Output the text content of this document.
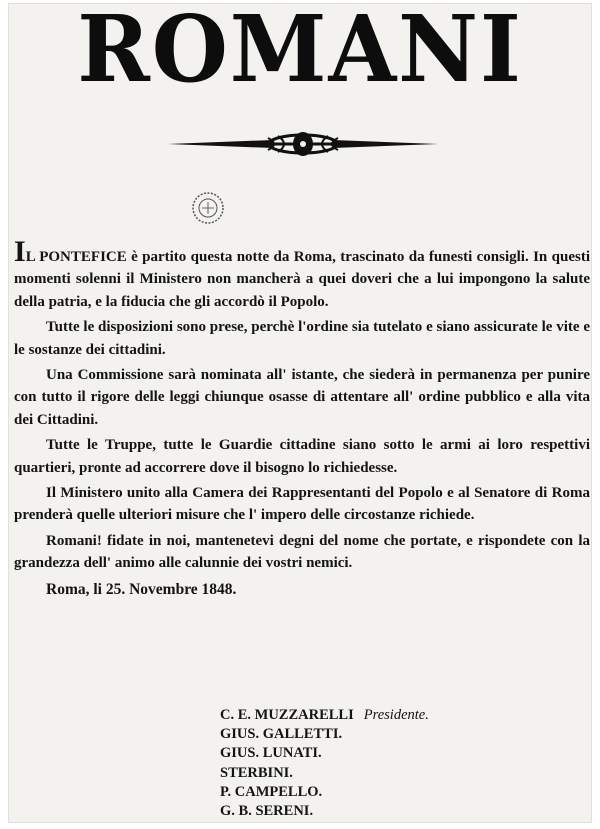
ROMANI

IL PONTEFICE è partito questa notte da Roma, trascinato da funesti consigli. In questi momenti solenni il Ministero non mancherà a quei doveri che a lui impongono la salute della patria, e la fiducia che gli accordò il Popolo.

Tutte le disposizioni sono prese, perchè l'ordine sia tutelato e siano assicurate le vite e le sostanze dei cittadini.

Una Commissione sarà nominata all' istante, che siederà in permanenza per punire con tutto il rigore delle leggi chiunque osasse di attentare all' ordine pubblico e alla vita dei Cittadini.

Tutte le Truppe, tutte le Guardie cittadine siano sotto le armi ai loro respettivi quartieri, pronte ad accorrere dove il bisogno lo richiedesse.

Il Ministero unito alla Camera dei Rappresentanti del Popolo e al Senatore di Roma prenderà quelle ulteriori misure che l' impero delle circostanze richiede.

Romani! fidate in noi, mantenetevi degni del nome che portate, e rispondete con la grandezza dell' animo alle calunnie dei vostri nemici.

Roma, li 25. Novembre 1848.
C. E. MUZZARELLI Presidente.
GIUS. GALLETTI.
GIUS. LUNATI.
STERBINI.
P. CAMPELLO.
G. B. SERENI.
